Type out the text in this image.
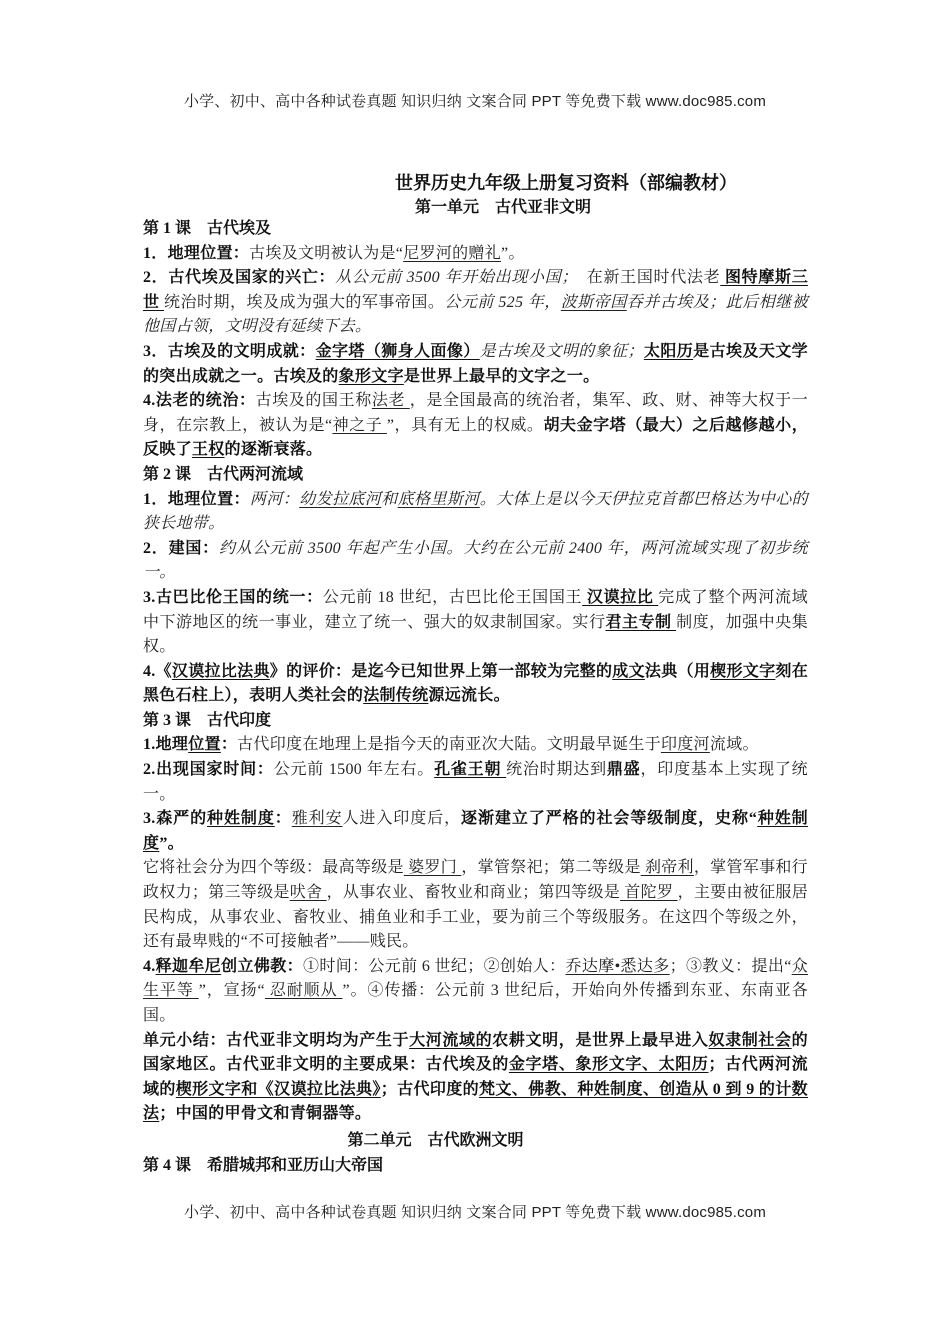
小学、初中、高中各种试卷真题 知识归纳 文案合同 PPT 等免费下载 www.doc985.com
世界历史九年级上册复习资料（部编教材）
第一单元　古代亚非文明
第 1 课　古代埃及
1．地理位置：古埃及文明被认为是“尼罗河的赠礼”。
2．古代埃及国家的兴亡：从公元前 3500 年开始出现小国；　在新王国时代法老 图特摩斯三世 统治时期，埃及成为强大的军事帝国。公元前 525 年，波斯帝国吞并古埃及；此后相继被他国占领，文明没有延续下去。
3．古埃及的文明成就：金字塔（狮身人面像）是古埃及文明的象征；太阳历是古埃及天文学的突出成就之一。古埃及的象形文字是世界上最早的文字之一。
4.法老的统治：古埃及的国王称法老 ，是全国最高的统治者，集军、政、财、神等大权于一身，在宗教上，被认为是“神之子 ”，具有无上的权威。胡夫金字塔（最大）之后越修越小，反映了王权的逐渐衰落。
第 2 课　古代两河流域
1．地理位置：两河：幼发拉底河和底格里斯河。大体上是以今天伊拉克首都巴格达为中心的狭长地带。
2．建国：约从公元前 3500 年起产生小国。大约在公元前 2400 年，两河流域实现了初步统一。
3.古巴比伦王国的统一：公元前 18 世纪，古巴比伦王国国王 汉谟拉比 完成了整个两河流域中下游地区的统一事业，建立了统一、强大的奴隶制国家。实行君主专制 制度，加强中央集权。
4.《汉谟拉比法典》的评价：是迄今已知世界上第一部较为完整的成文法典（用楔形文字刻在黑色石柱上），表明人类社会的法制传统源远流长。
第 3 课　古代印度
1.地理位置：古代印度在地理上是指今天的南亚次大陆。文明最早诞生于印度河流域。
2.出现国家时间：公元前 1500 年左右。孔雀王朝 统治时期达到鼎盛，印度基本上实现了统一。
3.森严的种姓制度：雅利安人进入印度后，逐渐建立了严格的社会等级制度，史称“种姓制度”。
它将社会分为四个等级：最高等级是 婆罗门 ，掌管祭祀；第二等级是 刹帝利，掌管军事和行政权力；第三等级是吠舍 ，从事农业、畜牧业和商业；第四等级是 首陀罗 ，主要由被征服居民构成，从事农业、畜牧业、捕鱼业和手工业，要为前三个等级服务。在这四个等级之外，还有最卑贱的“不可接触者”——贱民。
4.释迦牟尼创立佛教：①时间：公元前 6 世纪；②创始人：乔达摩•悉达多；③教义：提出“众生平等 ”，宣扬“ 忍耐顺从 ”。④传播：公元前 3 世纪后，开始向外传播到东亚、东南亚各国。
单元小结：古代亚非文明均为产生于大河流域的农耕文明，是世界上最早进入奴隶制社会的国家地区。古代亚非文明的主要成果：古代埃及的金字塔、象形文字、太阳历；古代两河流域的楔形文字和《汉谟拉比法典》；古代印度的梵文、佛教、种姓制度、创造从 0 到 9 的计数法；中国的甲骨文和青铜器等。
第二单元　古代欧洲文明
第 4 课　希腊城邦和亚历山大帝国
小学、初中、高中各种试卷真题 知识归纳 文案合同 PPT 等免费下载 www.doc985.com
